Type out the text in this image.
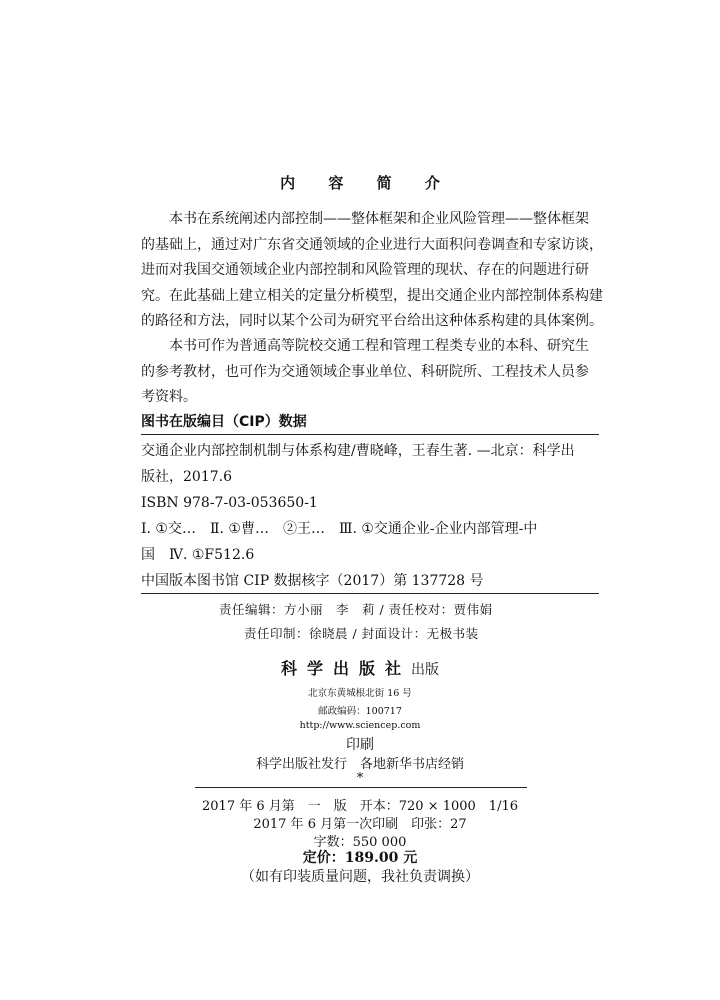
内 容 简 介
本书在系统阐述内部控制——整体框架和企业风险管理——整体框架
的基础上，通过对广东省交通领域的企业进行大面积问卷调查和专家访谈，
进而对我国交通领域企业内部控制和风险管理的现状、存在的问题进行研
究。在此基础上建立相关的定量分析模型，提出交通企业内部控制体系构建
的路径和方法，同时以某个公司为研究平台给出这种体系构建的具体案例。
本书可作为普通高等院校交通工程和管理工程类专业的本科、研究生
的参考教材，也可作为交通领域企事业单位、科研院所、工程技术人员参
考资料。
图书在版编目（CIP）数据
交通企业内部控制机制与体系构建/曹晓峰，王春生著. —北京：科学出
版社，2017.6
ISBN 978-7-03-053650-1
Ⅰ. ①交…　Ⅱ. ①曹…　②王…　Ⅲ. ①交通企业-企业内部管理-中
国　Ⅳ. ①F512.6
中国版本图书馆 CIP 数据核字（2017）第 137728 号
责任编辑：方小丽　李　莉 / 责任校对：贾伟娟
责任印制：徐晓晨 / 封面设计：无极书装
科学出版社出版
北京东黄城根北街 16 号
邮政编码：100717
http://www.sciencep.com
印刷
科学出版社发行　各地新华书店经销
*
2017 年 6 月第　一　版　开本：720 × 1000　1/16
2017 年 6 月第一次印刷　印张：27
字数：550 000
定价：189.00 元
（如有印装质量问题，我社负责调换）
